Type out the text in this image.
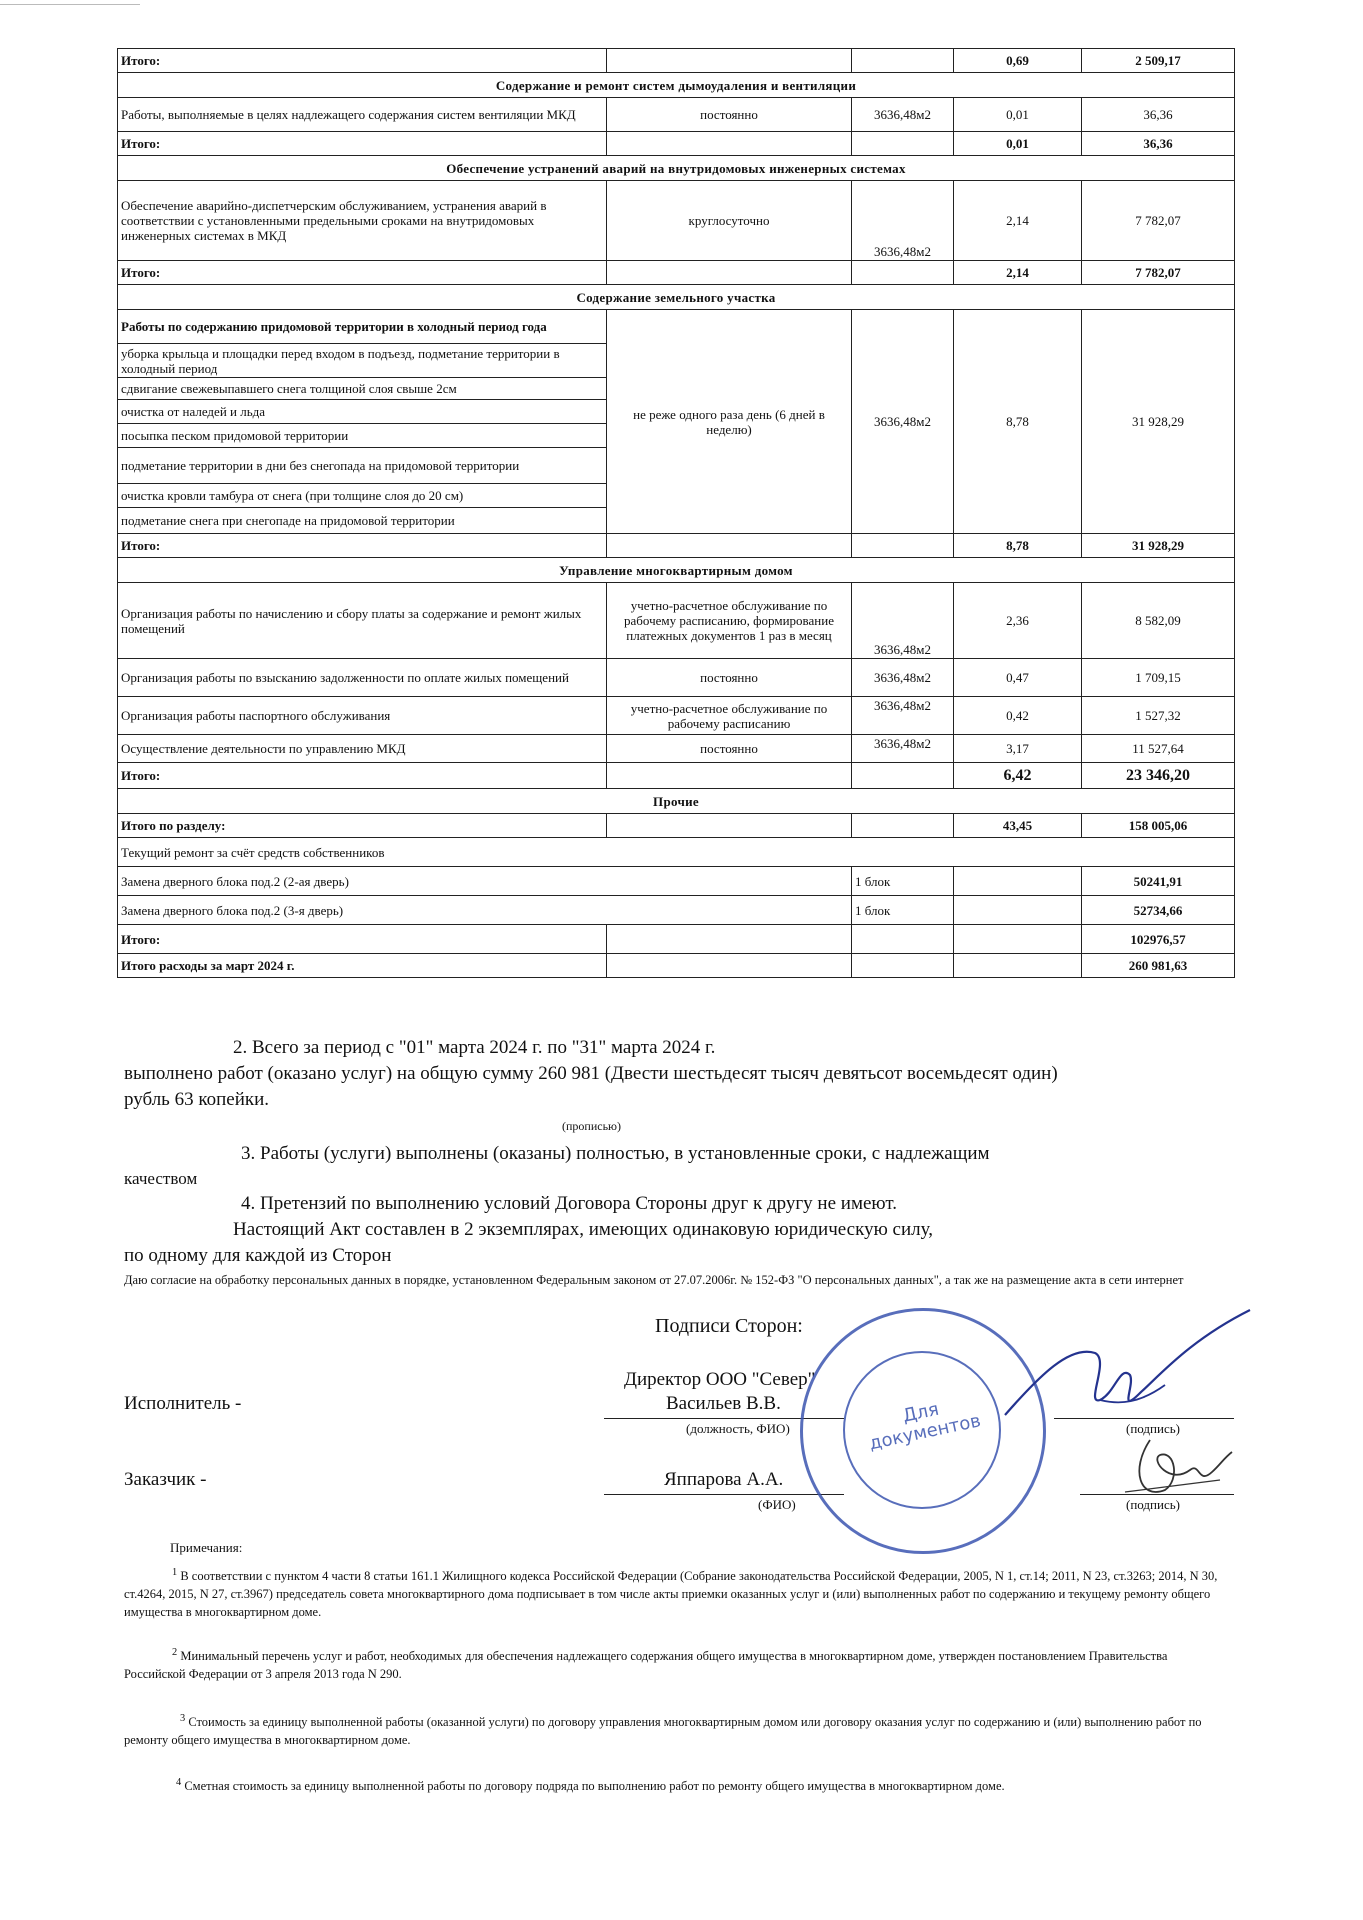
Итого:			0,69	2 509,17
Содержание и ремонт систем дымоудаления и вентиляции				
Работы, выполняемые в целях надлежащего содержания систем вентиляции МКД	постоянно	3636,48м2	0,01	36,36
Итого:			0,01	36,36
Обеспечение устранений аварий на внутридомовых инженерных системах				
Обеспечение аварийно-диспетчерским обслуживанием, устранения аварий в соответствии с установленными предельными сроками на внутридомовых инженерных системах в МКД	круглосуточно	3636,48м2	2,14	7 782,07
Итого:			2,14	7 782,07
Содержание земельного участка				
Работы по содержанию придомовой территории в холодный период года	не реже одного раза день (6 дней в неделю)	3636,48м2	8,78	31 928,29
уборка крыльца и площадки перед входом в подъезд, подметание территории в холодный период				
сдвигание свежевыпавшего снега толщиной слоя свыше 2см				
очистка от наледей и льда				
посыпка песком придомовой территории				
подметание территории в дни без снегопада на придомовой территории				
очистка кровли тамбура от снега (при толщине слоя до 20 см)				
подметание снега при снегопаде на придомовой территории				
Итого:			8,78	31 928,29
Управление многоквартирным домом				
Организация работы по начислению и сбору платы за содержание и ремонт жилых помещений	учетно-расчетное обслуживание по рабочему расписанию, формирование платежных документов 1 раз в месяц	3636,48м2	2,36	8 582,09
Организация работы по взысканию задолженности по оплате жилых помещений	постоянно	3636,48м2	0,47	1 709,15
Организация работы паспортного обслуживания	учетно-расчетное обслуживание по рабочему расписанию	3636,48м2	0,42	1 527,32
Осуществление деятельности по управлению МКД	постоянно	3636,48м2	3,17	11 527,64
Итого:			6,42	23 346,20
Прочие				
Итого по разделу:			43,45	158 005,06
Текущий ремонт за счёт средств собственников				
Замена дверного блока под.2 (2-ая дверь)		1 блок		50241,91
Замена дверного блока под.2 (3-я дверь)		1 блок		52734,66
Итого:				102976,57
Итого расходы за март 2024 г.				260 981,63
2. Всего за период с "01" марта 2024 г. по "31" марта 2024 г.
выполнено работ (оказано услуг) на общую сумму 260 981 (Двести шестьдесят тысяч девятьсот восемьдесят один)
рубль 63 копейки.
(прописью)
3. Работы (услуги) выполнены (оказаны) полностью, в установленные сроки, с надлежащим
качеством
4. Претензий по выполнению условий Договора Стороны друг к другу не имеют.
Настоящий Акт составлен в 2 экземплярах, имеющих одинаковую юридическую силу,
по одному для каждой из Сторон
Даю согласие на обработку персональных данных в порядке, установленном Федеральным законом от 27.07.2006г. № 152-ФЗ "О персональных данных", а так же на размещение акта в сети интернет
Подписи Сторон:
Директор ООО "Север"
Исполнитель -	Васильев В.В.
(должность, ФИО)	(подпись)
Заказчик -	Яппарова А.А.
(ФИО)	(подпись)
Для документов
Примечания:
$^1$ В соответствии с пунктом 4 части 8 статьи 161.1 Жилищного кодекса Российской Федерации (Собрание законодательства Российской Федерации, 2005, N 1, ст.14; 2011, N 23, ст.3263; 2014, N 30, ст.4264, 2015, N 27, ст.3967) председатель совета многоквартирного дома подписывает в том числе акты приемки оказанных услуг и (или) выполненных работ по содержанию и текущему ремонту общего имущества в многоквартирном доме.
$^2$ Минимальный перечень услуг и работ, необходимых для обеспечения надлежащего содержания общего имущества в многоквартирном доме, утвержден постановлением Правительства Российской Федерации от 3 апреля 2013 года N 290.
$^3$ Стоимость за единицу выполненной работы (оказанной услуги) по договору управления многоквартирным домом или договору оказания услуг по содержанию и (или) выполнению работ по ремонту общего имущества в многоквартирном доме.
$^4$ Сметная стоимость за единицу выполненной работы по договору подряда по выполнению работ по ремонту общего имущества в многоквартирном доме.
